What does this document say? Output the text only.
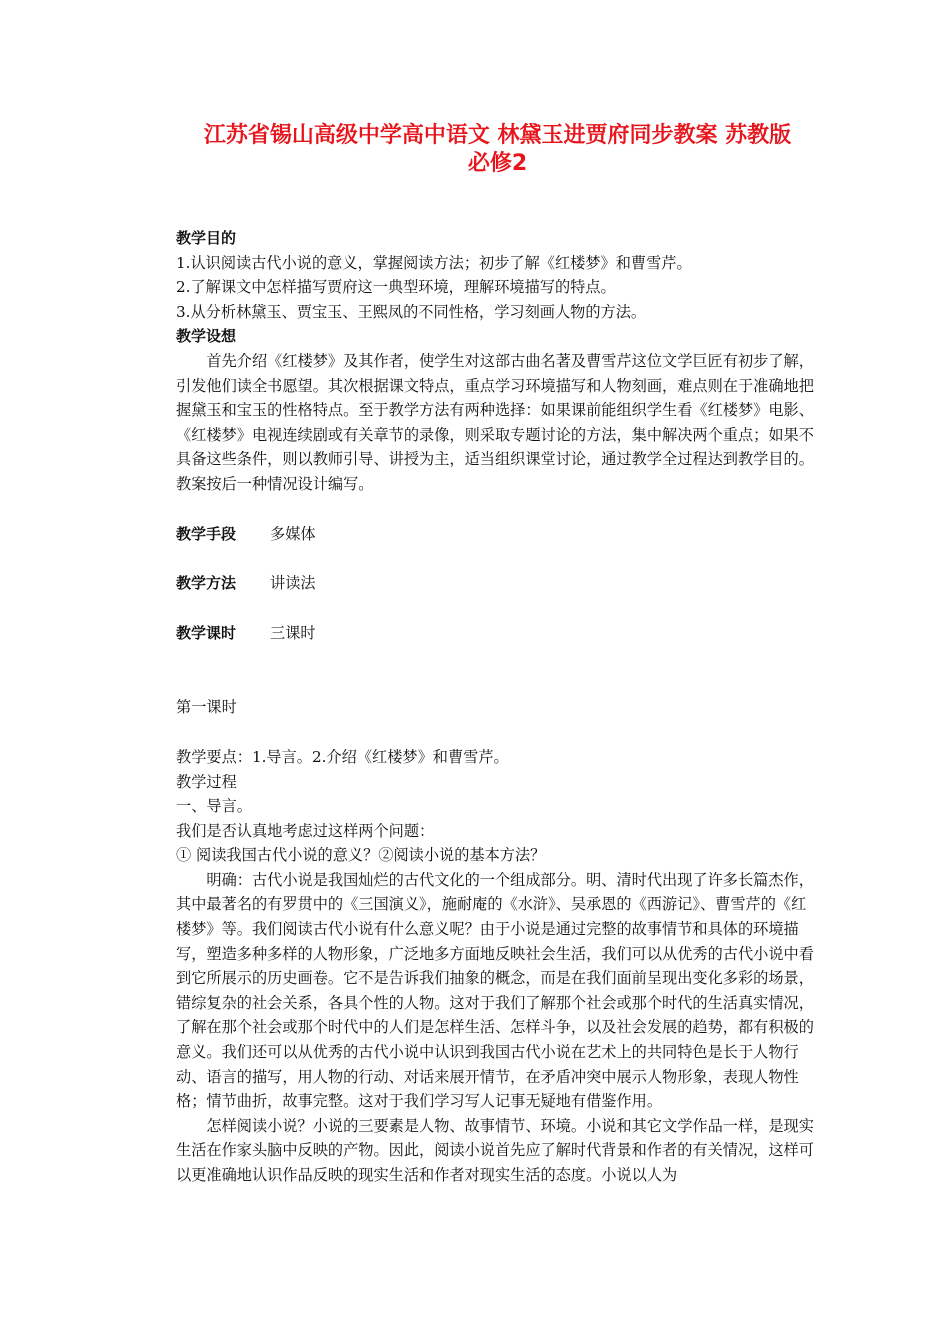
江苏省锡山高级中学高中语文 林黛玉进贾府同步教案 苏教版
必修2

教学目的

1.认识阅读古代小说的意义，掌握阅读方法；初步了解《红楼梦》和曹雪芹。

2.了解课文中怎样描写贾府这一典型环境，理解环境描写的特点。

3.从分析林黛玉、贾宝玉、王熙凤的不同性格，学习刻画人物的方法。

教学设想

首先介绍《红楼梦》及其作者，使学生对这部古曲名著及曹雪芹这位文学巨匠有初步了解，引发他们读全书愿望。其次根据课文特点，重点学习环境描写和人物刻画，难点则在于准确地把握黛玉和宝玉的性格特点。至于教学方法有两种选择：如果课前能组织学生看《红楼梦》电影、《红楼梦》电视连续剧或有关章节的录像，则采取专题讨论的方法，集中解决两个重点；如果不具备这些条件，则以教师引导、讲授为主，适当组织课堂讨论，通过教学全过程达到教学目的。教案按后一种情况设计编写。

教学手段	多媒体

教学方法	讲读法

教学课时	三课时

第一课时

教学要点：1.导言。2.介绍《红楼梦》和曹雪芹。

教学过程

一、导言。

我们是否认真地考虑过这样两个问题：

① 阅读我国古代小说的意义？②阅读小说的基本方法？

明确：古代小说是我国灿烂的古代文化的一个组成部分。明、清时代出现了许多长篇杰作，其中最著名的有罗贯中的《三国演义》，施耐庵的《水浒》、吴承恩的《西游记》、曹雪芹的《红楼梦》等。我们阅读古代小说有什么意义呢？由于小说是通过完整的故事情节和具体的环境描写，塑造多种多样的人物形象，广泛地多方面地反映社会生活，我们可以从优秀的古代小说中看到它所展示的历史画卷。它不是告诉我们抽象的概念，而是在我们面前呈现出变化多彩的场景，错综复杂的社会关系，各具个性的人物。这对于我们了解那个社会或那个时代的生活真实情况，了解在那个社会或那个时代中的人们是怎样生活、怎样斗争，以及社会发展的趋势，都有积极的意义。我们还可以从优秀的古代小说中认识到我国古代小说在艺术上的共同特色是长于人物行动、语言的描写，用人物的行动、对话来展开情节，在矛盾冲突中展示人物形象，表现人物性格；情节曲折，故事完整。这对于我们学习写人记事无疑地有借鉴作用。

怎样阅读小说？小说的三要素是人物、故事情节、环境。小说和其它文学作品一样，是现实生活在作家头脑中反映的产物。因此，阅读小说首先应了解时代背景和作者的有关情况，这样可以更准确地认识作品反映的现实生活和作者对现实生活的态度。小说以人为
